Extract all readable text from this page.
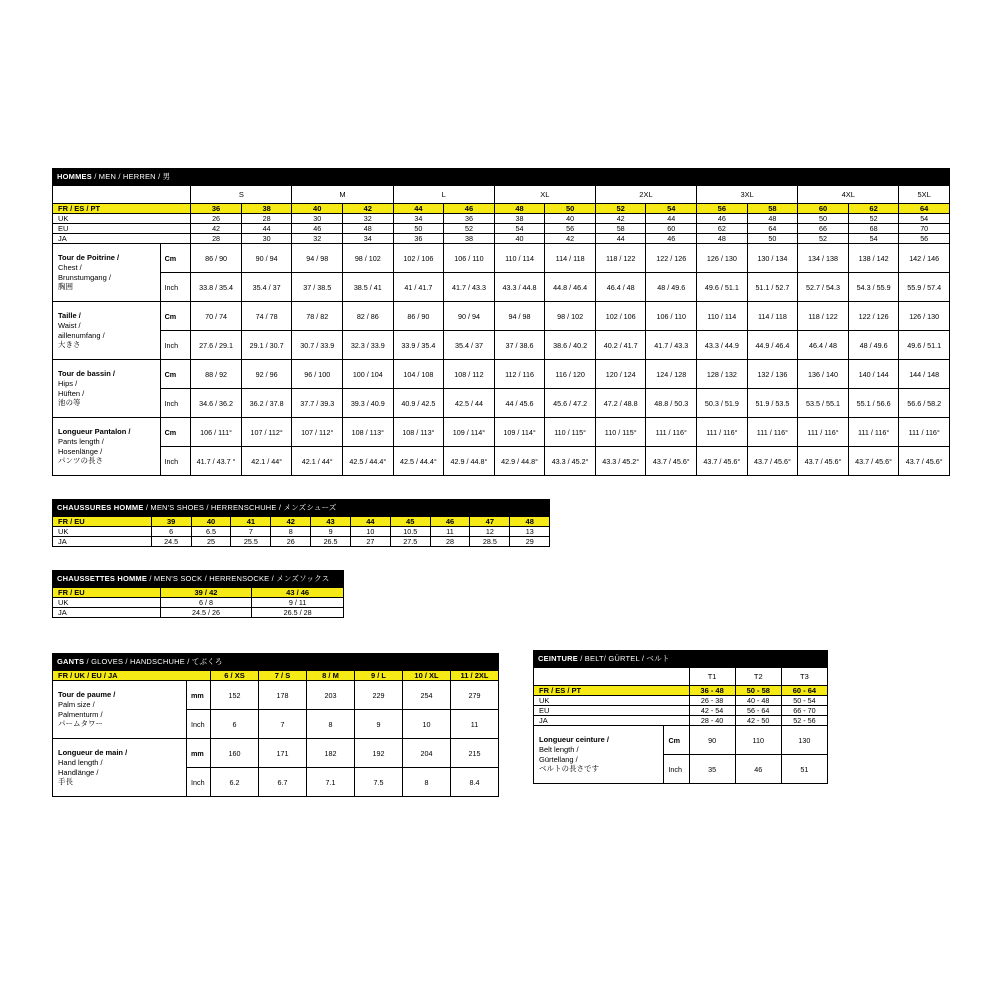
HOMMES / MEN / HERREN / 男
		S		M		L		XL		2XL		3XL		4XL		5XL
FR / ES / PT		36	38	40	42	44	46	48	50	52	54	56	58	60	62	64
UK		26	28	30	32	34	36	38	40	42	44	46	48	50	52	54
EU		42	44	46	48	50	52	54	56	58	60	62	64	66	68	70
JA		28	30	32	34	36	38	40	42	44	46	48	50	52	54	56
Tour de Poitrine /
Chest /
Brunstumgang /
胸囲	Cm	86 / 90	90 / 94	94 / 98	98 / 102	102 / 106	106 / 110	110 / 114	114 / 118	118 / 122	122 / 126	126 / 130	130 / 134	134 / 138	138 / 142	142 / 146
	Inch	33.8 / 35.4	35.4 / 37	37 / 38.5	38.5 / 41	41 / 41.7	41.7 / 43.3	43.3 / 44.8	44.8 / 46.4	46.4 / 48	48 / 49.6	49.6 / 51.1	51.1 / 52.7	52.7 / 54.3	54.3 / 55.9	55.9 / 57.4
Taille /
Waist /
aillenumfang /
大きさ	Cm	70 / 74	74 / 78	78 / 82	82 / 86	86 / 90	90 / 94	94 / 98	98 / 102	102 / 106	106 / 110	110 / 114	114 / 118	118 / 122	122 / 126	126 / 130
	Inch	27.6 / 29.1	29.1 / 30.7	30.7 / 33.9	32.3 / 33.9	33.9 / 35.4	35.4 / 37	37 / 38.6	38.6 / 40.2	40.2 / 41.7	41.7 / 43.3	43.3 / 44.9	44.9 / 46.4	46.4 / 48	48 / 49.6	49.6 / 51.1
Tour de bassin /
Hips /
Hüften /
池の等	Cm	88 / 92	92 / 96	96 / 100	100 / 104	104 / 108	108 / 112	112 / 116	116 / 120	120 / 124	124 / 128	128 / 132	132 / 136	136 / 140	140 / 144	144 / 148
	Inch	34.6 / 36.2	36.2 / 37.8	37.7 / 39.3	39.3 / 40.9	40.9 / 42.5	42.5 / 44	44 / 45.6	45.6 / 47.2	47.2 / 48.8	48.8 / 50.3	50.3 / 51.9	51.9 / 53.5	53.5 / 55.1	55.1 / 56.6	56.6 / 58.2
Longueur Pantalon /
Pants length /
Hosenlänge /
パンツの長さ	Cm	106 / 111°	107 / 112°	107 / 112°	108 / 113°	108 / 113°	109 / 114°	109 / 114°	110 / 115°	110 / 115°	111 / 116°	111 / 116°	111 / 116°	111 / 116°	111 / 116°	111 / 116°
	Inch	41.7 / 43.7 °	42.1 / 44°	42.1 / 44°	42.5 / 44.4°	42.5 / 44.4°	42.9 / 44.8°	42.9 / 44.8°	43.3 / 45.2°	43.3 / 45.2°	43.7 / 45.6°	43.7 / 45.6°	43.7 / 45.6°	43.7 / 45.6°	43.7 / 45.6°	43.7 / 45.6°
CHAUSSURES HOMME / MEN'S SHOES / HERRENSCHUHE / メンズシューズ
FR / EU	39	40	41	42	43	44	45	46	47	48
UK	6	6.5	7	8	9	10	10.5	11	12	13
JA	24.5	25	25.5	26	26.5	27	27.5	28	28.5	29
CHAUSSETTES HOMME / MEN'S SOCK / HERRENSOCKE / メンズソックス
FR / EU	39 / 42	43 / 46
UK	6 / 8	9 / 11
JA	24.5 / 26	26.5 / 28
GANTS / GLOVES / HANDSCHUHE / てぶくろ
FR / UK / EU / JA		6 / XS	7 / S	8 / M	9 / L	10 / XL	11 / 2XL
Tour de paume /
Palm size /
Palmenturm /
パームタワー	mm	152	178	203	229	254	279
	Inch	6	7	8	9	10	11
Longueur de main /
Hand length /
Handlänge /
手長	mm	160	171	182	192	204	215
	Inch	6.2	6.7	7.1	7.5	8	8.4
CEINTURE / BELT/ GÜRTEL / ベルト
		T1	T2	T3
FR / ES / PT		36 - 48	50 - 58	60 - 64
UK		26 - 38	40 - 48	50 - 54
EU		42 - 54	56 - 64	66 - 70
JA		28 - 40	42 - 50	52 - 56
Longueur ceinture /
Belt length /
Gürtellang /
ベルトの長さです	Cm	90	110	130
	Inch	35	46	51
